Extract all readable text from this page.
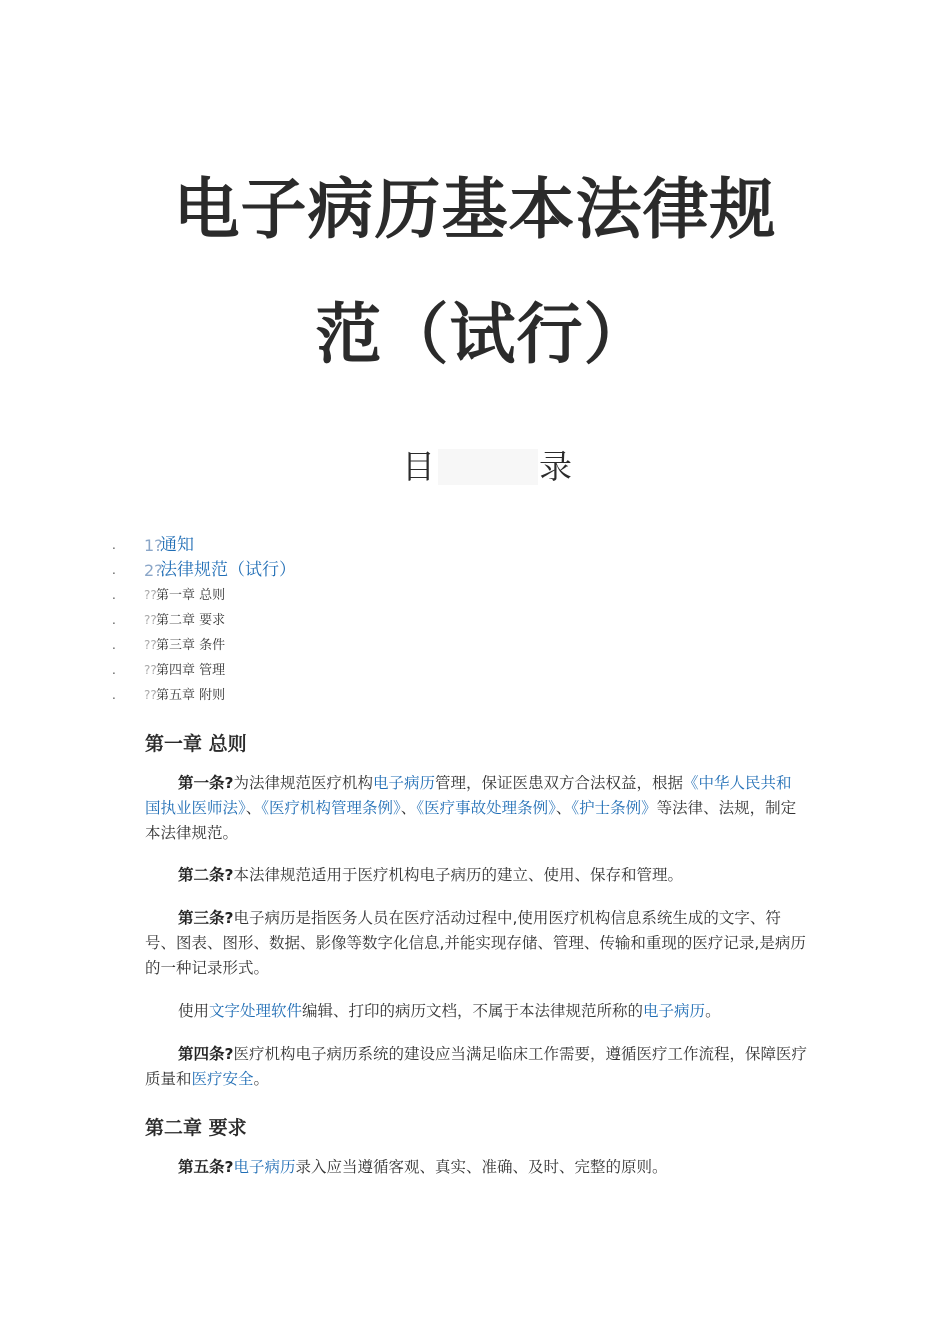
电子病历基本法律规
范（试行）
目	录
. 1?
通知
. 2?
法律规范（试行）
. ?? 第一章 总则
. ?? 第二章 要求
. ?? 第三章 条件
. ?? 第四章 管理
. ?? 第五章 附则
第一章 总则
第一条?为法律规范医疗机构电子病历管理，保证医患双方合法权益，根据《中华人民共和国执业医师法》、《医疗机构管理条例》、《医疗事故处理条例》、《护士条例》等法律、法规，制定本法律规范。
第二条?本法律规范适用于医疗机构电子病历的建立、使用、保存和管理。
第三条?电子病历是指医务人员在医疗活动过程中,使用医疗机构信息系统生成的文字、符号、图表、图形、数据、影像等数字化信息,并能实现存储、管理、传输和重现的医疗记录,是病历的一种记录形式。
使用文字处理软件编辑、打印的病历文档，不属于本法律规范所称的电子病历。
第四条?医疗机构电子病历系统的建设应当满足临床工作需要，遵循医疗工作流程，保障医疗质量和医疗安全。
第二章 要求
第五条?电子病历录入应当遵循客观、真实、准确、及时、完整的原则。
